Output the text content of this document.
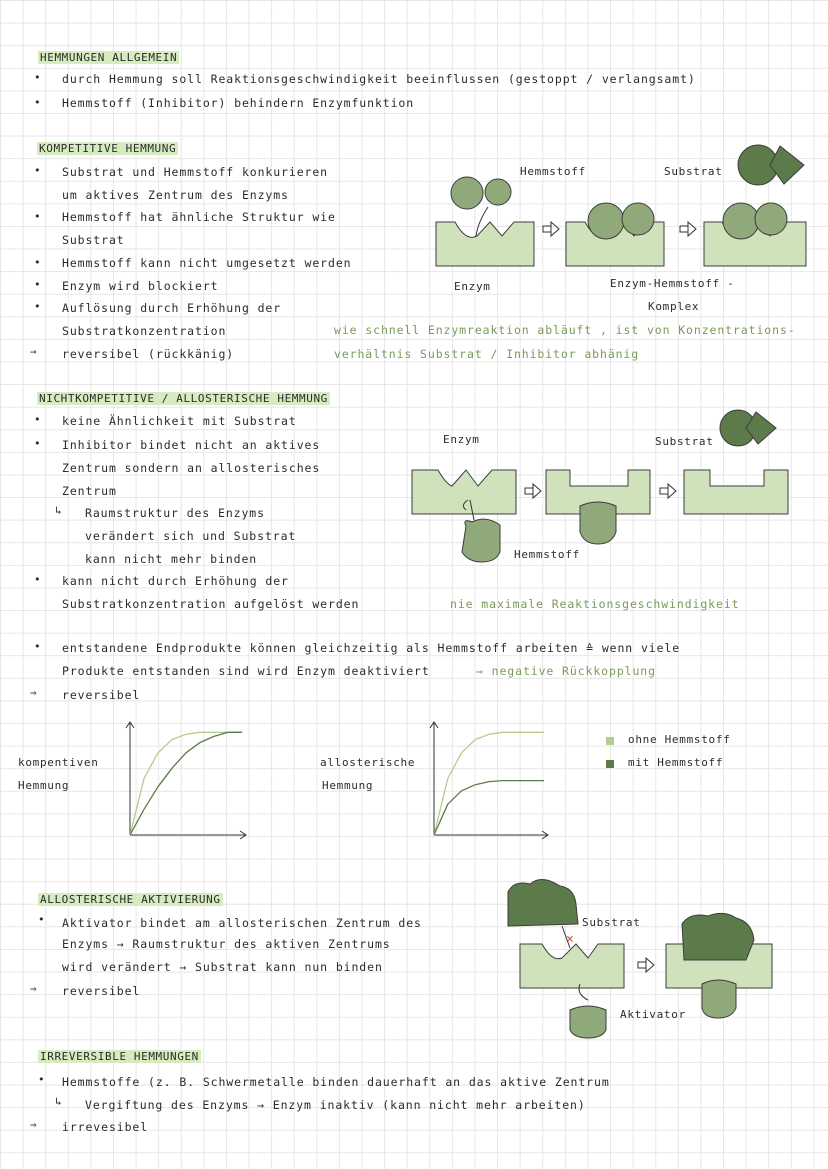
HEMMUNGEN ALLGEMEIN
• durch Hemmung soll Reaktionsgeschwindigkeit beeinflussen (gestoppt / verlangsamt)
• Hemmstoff (Inhibitor) behindern Enzymfunktion
KOMPETITIVE HEMMUNG
• Substrat und Hemmstoff konkurieren
um aktives Zentrum des Enzyms
• Hemmstoff hat ähnliche Struktur wie
Substrat
• Hemmstoff kann nicht umgesetzt werden
• Enzym wird blockiert
• Auflösung durch Erhöhung der
Substratkonzentration
⇒ reversibel (rückkänig)
Hemmstoff	Substrat
Enzym	Enzym-Hemmstoff -
Komplex
wie schnell Enzymreaktion abläuft , ist von Konzentrations-
verhältnis Substrat / Inhibitor abhänig
NICHTKOMPETITIVE / ALLOSTERISCHE HEMMUNG
• keine Ähnlichkeit mit Substrat
• Inhibitor bindet nicht an aktives
Zentrum sondern an allosterisches
Zentrum
↳ Raumstruktur des Enzyms
verändert sich und Substrat
kann nicht mehr binden
• kann nicht durch Erhöhung der
Substratkonzentration aufgelöst werden
Enzym	Substrat
Hemmstoff
nie maximale Reaktionsgeschwindigkeit
• entstandene Endprodukte können gleichzeitig als Hemmstoff arbeiten ≙ wenn viele
Produkte entstanden sind wird Enzym deaktiviert	⇒ negative Rückkopplung
⇒ reversibel
kompentiven
Hemmung
allosterische
Hemmung
ohne Hemmstoff
mit Hemmstoff
ALLOSTERISCHE AKTIVIERUNG
• Aktivator bindet am allosterischen Zentrum des
Enzyms → Raumstruktur des aktiven Zentrums
wird verändert → Substrat kann nun binden
⇒ reversibel
Substrat
Aktivator
×
IRREVERSIBLE HEMMUNGEN
• Hemmstoffe (z. B. Schwermetalle binden dauerhaft an das aktive Zentrum
↳ Vergiftung des Enzyms → Enzym inaktiv (kann nicht mehr arbeiten)
⇒ irrevesibel
